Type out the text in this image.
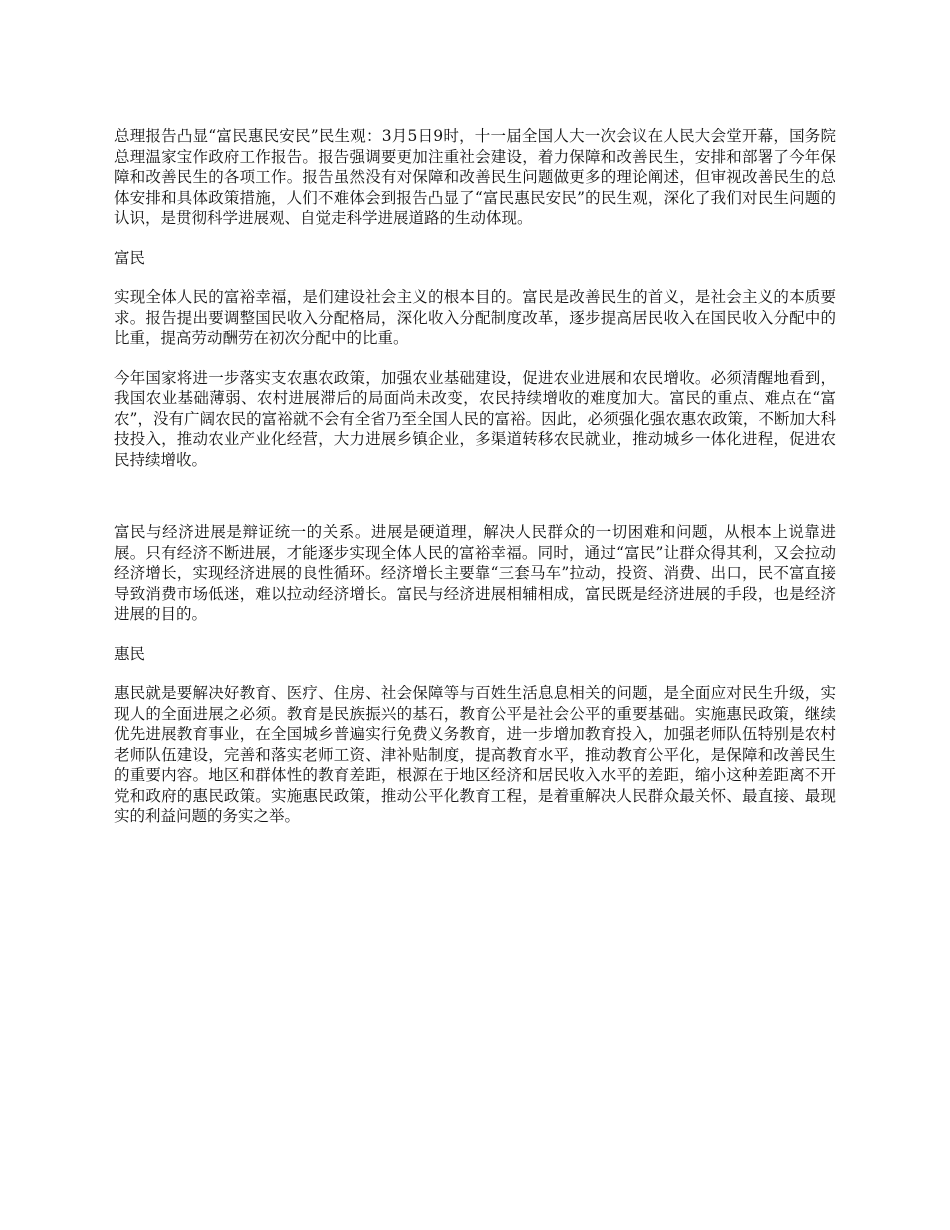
总理报告凸显“富民惠民安民”民生观：3月5日9时，十一届全国人大一次会议在人民大会堂开幕，国务院总理温家宝作政府工作报告。报告强调要更加注重社会建设，着力保障和改善民生，安排和部署了今年保障和改善民生的各项工作。报告虽然没有对保障和改善民生问题做更多的理论阐述，但审视改善民生的总体安排和具体政策措施，人们不难体会到报告凸显了“富民惠民安民”的民生观，深化了我们对民生问题的认识，是贯彻科学进展观、自觉走科学进展道路的生动体现。

富民

实现全体人民的富裕幸福，是们建设社会主义的根本目的。富民是改善民生的首义，是社会主义的本质要求。报告提出要调整国民收入分配格局，深化收入分配制度改革，逐步提高居民收入在国民收入分配中的比重，提高劳动酬劳在初次分配中的比重。

今年国家将进一步落实支农惠农政策，加强农业基础建设，促进农业进展和农民增收。必须清醒地看到，我国农业基础薄弱、农村进展滞后的局面尚未改变，农民持续增收的难度加大。富民的重点、难点在“富农”，没有广阔农民的富裕就不会有全省乃至全国人民的富裕。因此，必须强化强农惠农政策，不断加大科技投入，推动农业产业化经营，大力进展乡镇企业，多渠道转移农民就业，推动城乡一体化进程，促进农民持续增收。

富民与经济进展是辩证统一的关系。进展是硬道理，解决人民群众的一切困难和问题，从根本上说靠进展。只有经济不断进展，才能逐步实现全体人民的富裕幸福。同时，通过“富民”让群众得其利，又会拉动经济增长，实现经济进展的良性循环。经济增长主要靠“三套马车”拉动，投资、消费、出口，民不富直接导致消费市场低迷，难以拉动经济增长。富民与经济进展相辅相成，富民既是经济进展的手段，也是经济进展的目的。

惠民

惠民就是要解决好教育、医疗、住房、社会保障等与百姓生活息息相关的问题，是全面应对民生升级，实现人的全面进展之必须。教育是民族振兴的基石，教育公平是社会公平的重要基础。实施惠民政策，继续优先进展教育事业，在全国城乡普遍实行免费义务教育，进一步增加教育投入，加强老师队伍特别是农村老师队伍建设，完善和落实老师工资、津补贴制度，提高教育水平，推动教育公平化，是保障和改善民生的重要内容。地区和群体性的教育差距，根源在于地区经济和居民收入水平的差距，缩小这种差距离不开党和政府的惠民政策。实施惠民政策，推动公平化教育工程，是着重解决人民群众最关怀、最直接、最现实的利益问题的务实之举。
